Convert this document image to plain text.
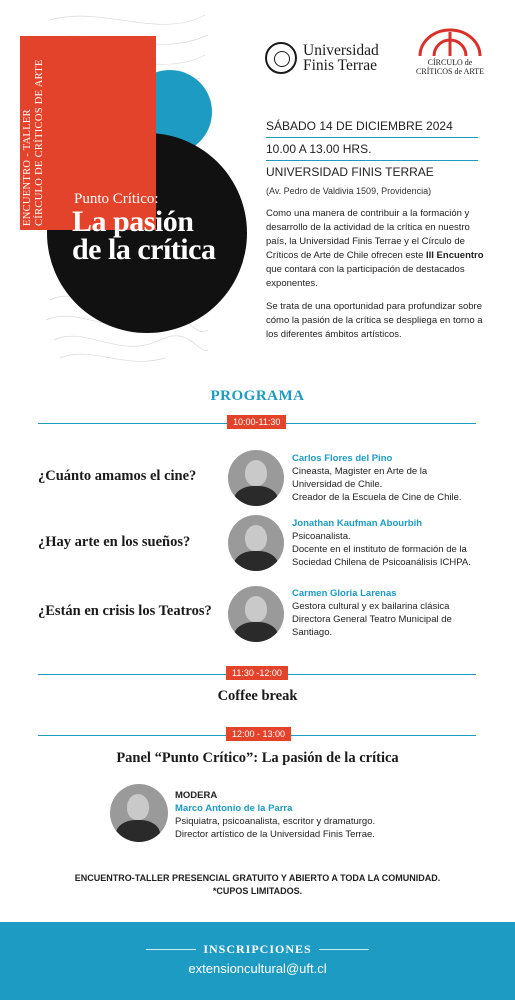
ENCUENTRO - TALLER CÍRCULO DE CRÍTICOS DE ARTE Punto Crítico:
La pasión
de la crítica
Universidad
Finis Terrae	CÍRCULO de
CRÍTICOS de ARTE
SÁBADO 14 DE DICIEMBRE 2024
10.00 A 13.00 HRS.
UNIVERSIDAD FINIS TERRAE
(Av. Pedro de Valdivia 1509, Providencia)

Como una manera de contribuir a la formación y desarrollo de la actividad de la crítica en nuestro país, la Universidad Finis Terrae y el Círculo de Críticos de Arte de Chile ofrecen este III Encuentro que contará con la participación de destacados exponentes.

Se trata de una oportunidad para profundizar sobre cómo la pasión de la crítica se despliega en torno a los diferentes ámbitos artísticos.

PROGRAMA
10:00-11:30
¿Cuánto amamos el cine?
Carlos Flores del Pino
Cineasta, Magister en Arte de la
Universidad de Chile.
Creador de la Escuela de Cine de Chile.
¿Hay arte en los sueños?
Jonathan Kaufman Abourbih
Psicoanalista.
Docente en el instituto de formación de la
Sociedad Chilena de Psicoanálisis ICHPA.
¿Están en crisis los Teatros?
Carmen Gloria Larenas
Gestora cultural y ex bailarina clásica
Directora General Teatro Municipal de
Santiago.
11:30 -12:00
Coffee break
12:00 - 13:00
Panel “Punto Crítico”: La pasión de la crítica
MODERA
Marco Antonio de la Parra
Psiquiatra, psicoanalista, escritor y dramaturgo.
Director artístico de la Universidad Finis Terrae.
ENCUENTRO-TALLER PRESENCIAL GRATUITO Y ABIERTO A TODA LA COMUNIDAD.
*CUPOS LIMITADOS.
INSCRIPCIONES
extensioncultural@uft.cl
